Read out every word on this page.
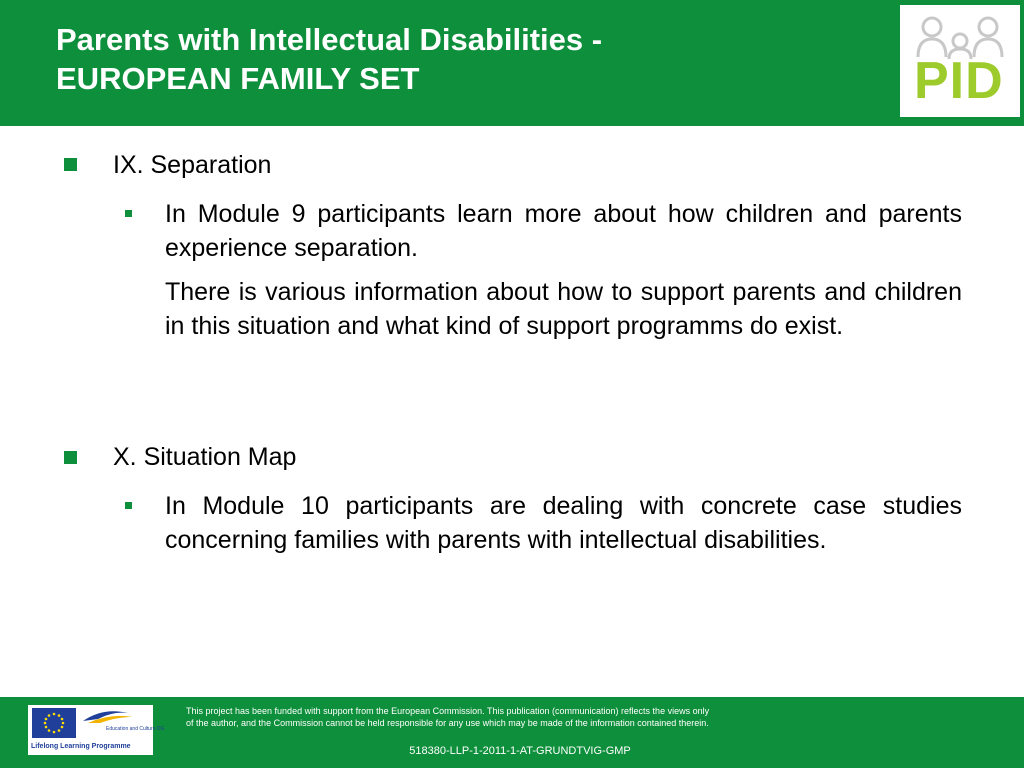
Parents with Intellectual Disabilities -
EUROPEAN FAMILY SET	PID
IX. Separation
In Module 9 participants learn more about how children and parents experience separation.
There is various information about how to support parents and children in this situation and what kind of support programms do exist.
X. Situation Map
In Module 10 participants are dealing with concrete case studies concerning families with parents with intellectual disabilities.
Education and Culture DG
Lifelong Learning Programme
This project has been funded with support from the European Commission. This publication (communication) reflects the views only
of the author, and the Commission cannot be held responsible for any use which may be made of the information contained therein.
518380-LLP-1-2011-1-AT-GRUNDTVIG-GMP
